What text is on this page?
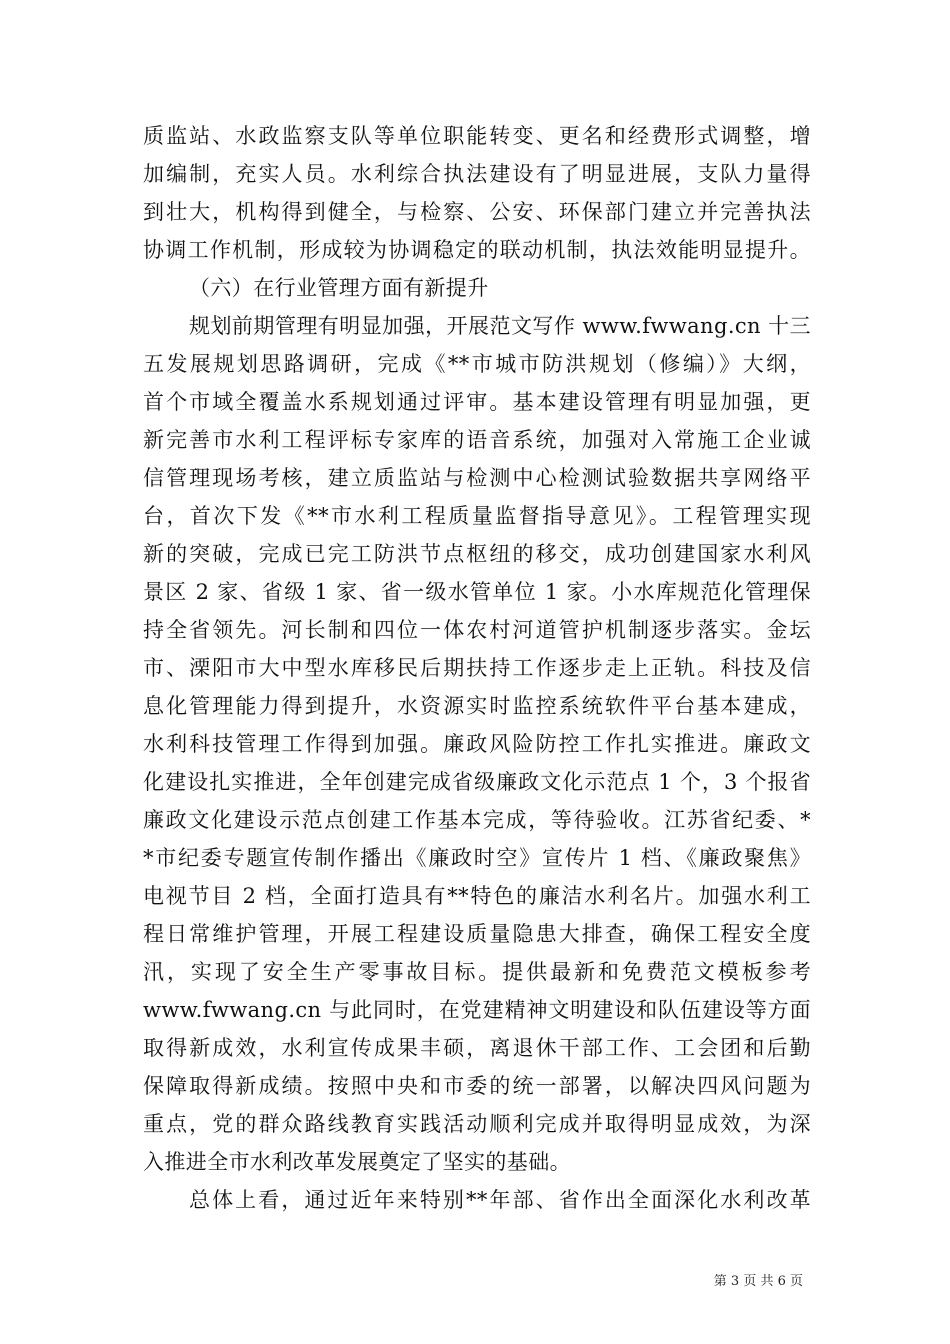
质监站、水政监察支队等单位职能转变、更名和经费形式调整，增
加编制，充实人员。水利综合执法建设有了明显进展，支队力量得
到壮大，机构得到健全，与检察、公安、环保部门建立并完善执法
协调工作机制，形成较为协调稳定的联动机制，执法效能明显提升。
（六）在行业管理方面有新提升
规划前期管理有明显加强，开展范文写作 www.fwwang.cn 十三
五发展规划思路调研，完成《**市城市防洪规划（修编）》大纲，
首个市域全覆盖水系规划通过评审。基本建设管理有明显加强，更
新完善市水利工程评标专家库的语音系统，加强对入常施工企业诚
信管理现场考核，建立质监站与检测中心检测试验数据共享网络平
台，首次下发《**市水利工程质量监督指导意见》。工程管理实现
新的突破，完成已完工防洪节点枢纽的移交，成功创建国家水利风
景区 2 家、省级 1 家、省一级水管单位 1 家。小水库规范化管理保
持全省领先。河长制和四位一体农村河道管护机制逐步落实。金坛
市、溧阳市大中型水库移民后期扶持工作逐步走上正轨。科技及信
息化管理能力得到提升，水资源实时监控系统软件平台基本建成，
水利科技管理工作得到加强。廉政风险防控工作扎实推进。廉政文
化建设扎实推进，全年创建完成省级廉政文化示范点 1 个，3 个报省
廉政文化建设示范点创建工作基本完成，等待验收。江苏省纪委、*
*市纪委专题宣传制作播出《廉政时空》宣传片 1 档、《廉政聚焦》
电视节目 2 档，全面打造具有**特色的廉洁水利名片。加强水利工
程日常维护管理，开展工程建设质量隐患大排查，确保工程安全度
汛，实现了安全生产零事故目标。提供最新和免费范文模板参考
www.fwwang.cn 与此同时，在党建精神文明建设和队伍建设等方面
取得新成效，水利宣传成果丰硕，离退休干部工作、工会团和后勤
保障取得新成绩。按照中央和市委的统一部署，以解决四风问题为
重点，党的群众路线教育实践活动顺利完成并取得明显成效，为深
入推进全市水利改革发展奠定了坚实的基础。
总体上看，通过近年来特别**年部、省作出全面深化水利改革
第 3 页 共 6 页
